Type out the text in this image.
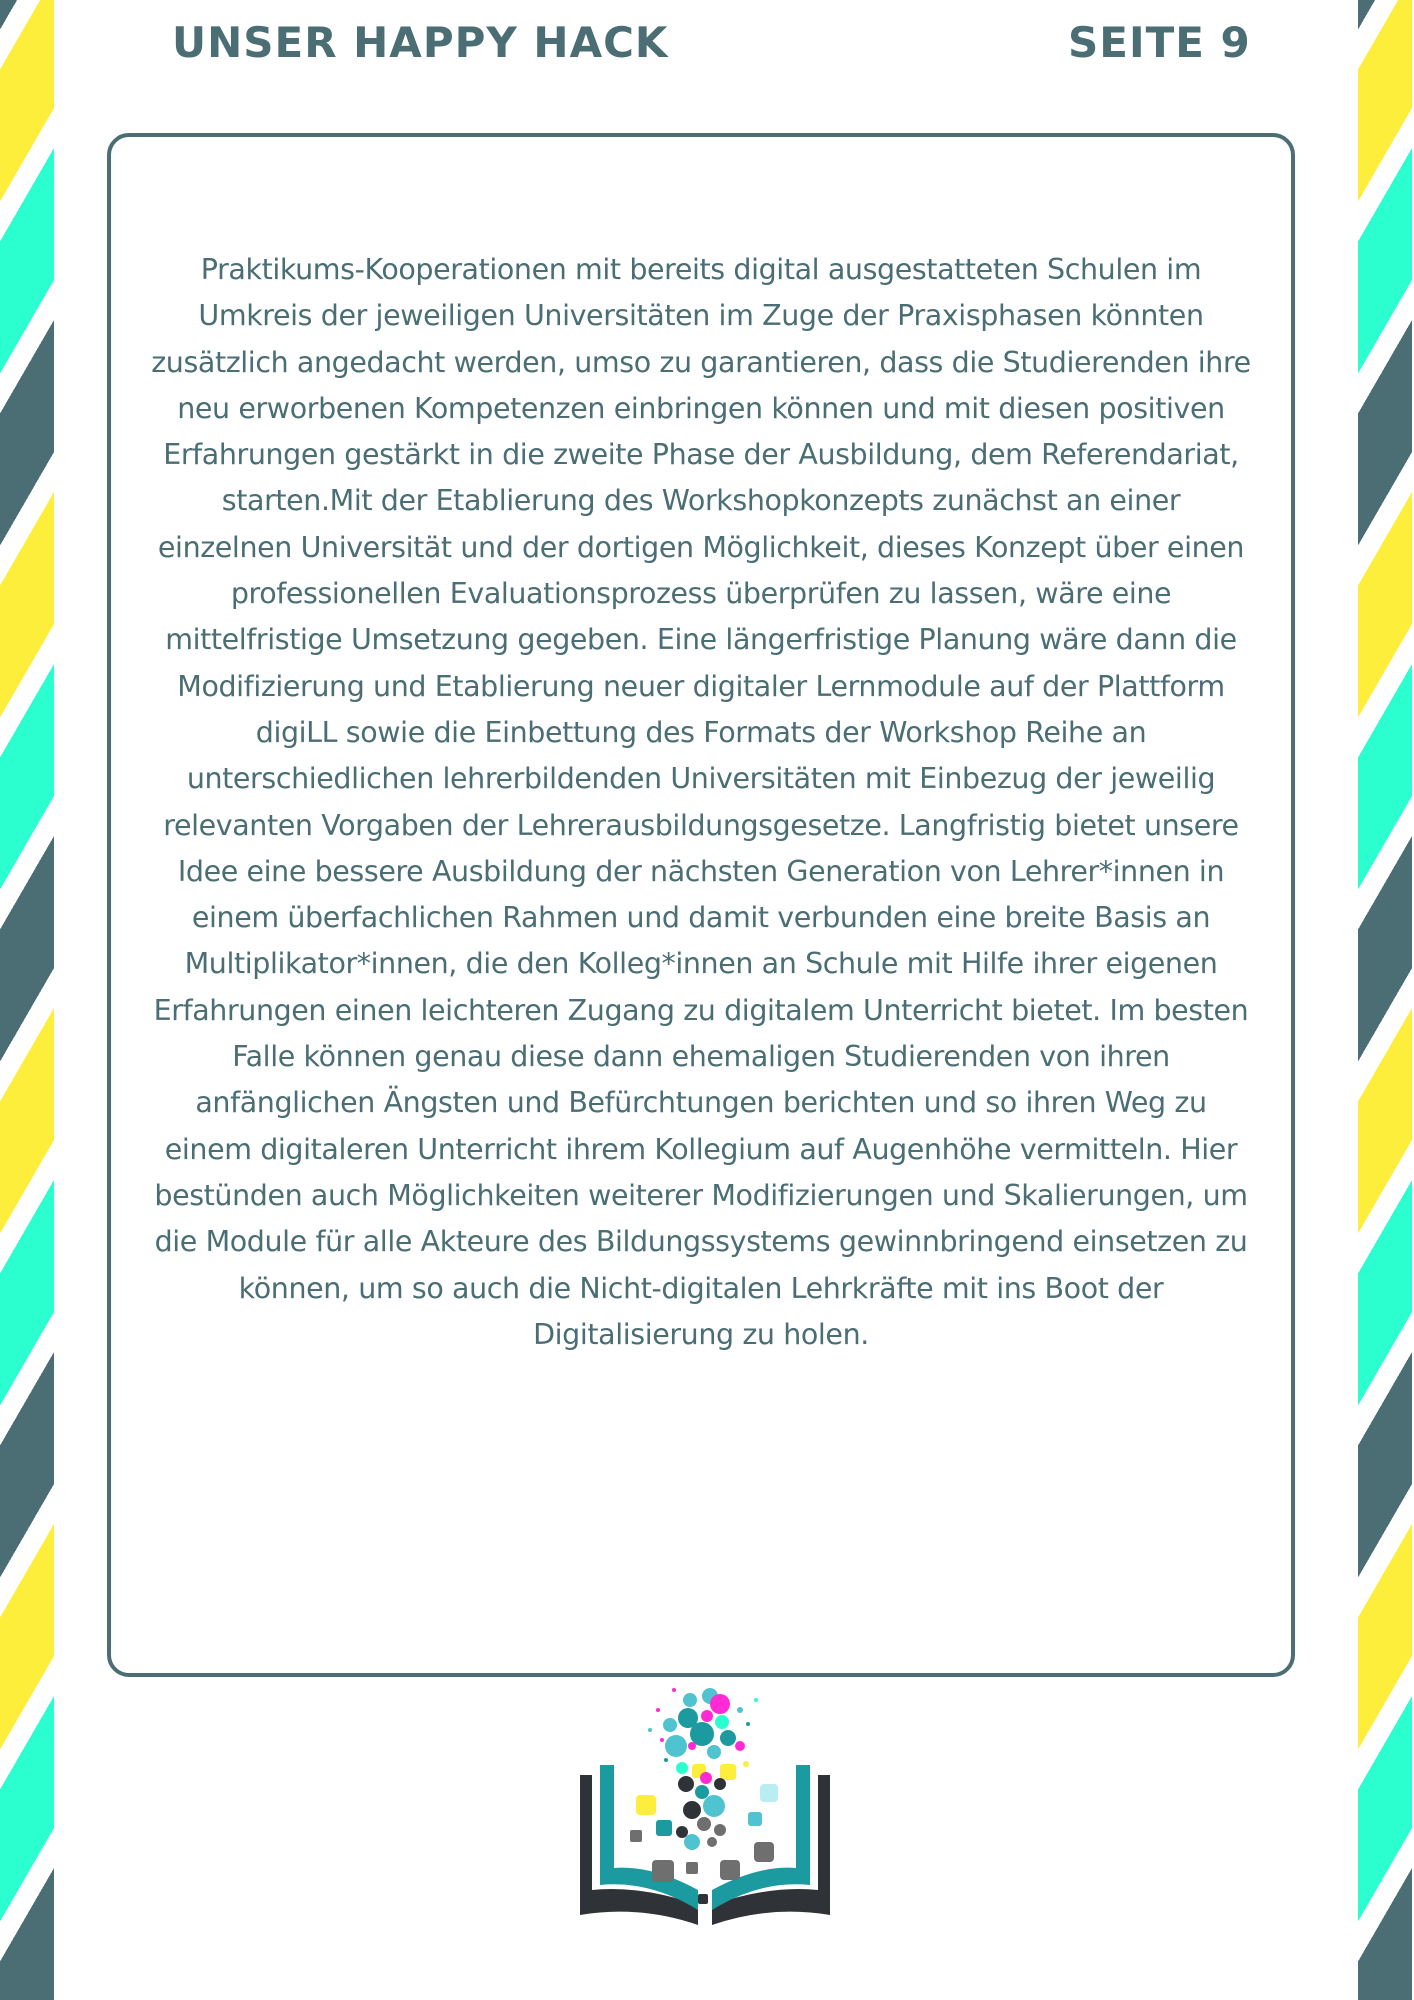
UNSER HAPPY HACK	SEITE 9

Praktikums-Kooperationen mit bereits digital ausgestatteten Schulen im Umkreis der jeweiligen Universitäten im Zuge der Praxisphasen könnten zusätzlich angedacht werden, umso zu garantieren, dass die Studierenden ihre neu erworbenen Kompetenzen einbringen können und mit diesen positiven Erfahrungen gestärkt in die zweite Phase der Ausbildung, dem Referendariat, starten.Mit der Etablierung des Workshopkonzepts zunächst an einer einzelnen Universität und der dortigen Möglichkeit, dieses Konzept über einen professionellen Evaluationsprozess überprüfen zu lassen, wäre eine mittelfristige Umsetzung gegeben. Eine längerfristige Planung wäre dann die Modifizierung und Etablierung neuer digitaler Lernmodule auf der Plattform digiLL sowie die Einbettung des Formats der Workshop Reihe an unterschiedlichen lehrerbildenden Universitäten mit Einbezug der jeweilig relevanten Vorgaben der Lehrerausbildungsgesetze. Langfristig bietet unsere Idee eine bessere Ausbildung der nächsten Generation von Lehrer*innen in einem überfachlichen Rahmen und damit verbunden eine breite Basis an Multiplikator*innen, die den Kolleg*innen an Schule mit Hilfe ihrer eigenen Erfahrungen einen leichteren Zugang zu digitalem Unterricht bietet. Im besten Falle können genau diese dann ehemaligen Studierenden von ihren anfänglichen Ängsten und Befürchtungen berichten und so ihren Weg zu einem digitaleren Unterricht ihrem Kollegium auf Augenhöhe vermitteln. Hier bestünden auch Möglichkeiten weiterer Modifizierungen und Skalierungen, um die Module für alle Akteure des Bildungssystems gewinnbringend einsetzen zu können, um so auch die Nicht-digitalen Lehrkräfte mit ins Boot der Digitalisierung zu holen.
